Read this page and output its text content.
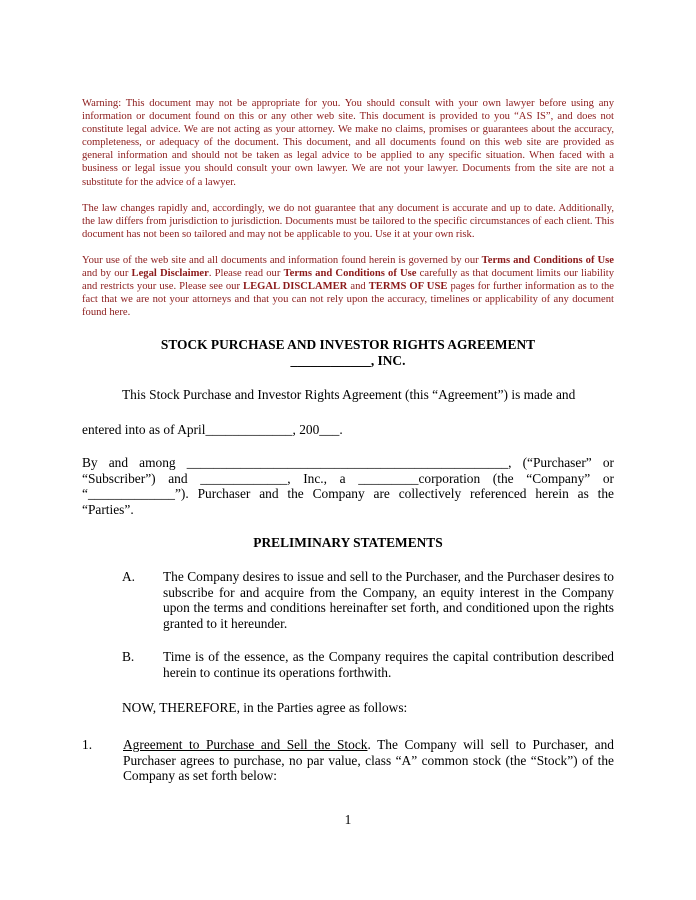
Warning: This document may not be appropriate for you. You should consult with your own lawyer before using any information or document found on this or any other web site. This document is provided to you “AS IS”, and does not constitute legal advice. We are not acting as your attorney. We make no claims, promises or guarantees about the accuracy, completeness, or adequacy of the document. This document, and all documents found on this web site are provided as general information and should not be taken as legal advice to be applied to any specific situation. When faced with a business or legal issue you should consult your own lawyer. We are not your lawyer. Documents from the site are not a substitute for the advice of a lawyer.

The law changes rapidly and, accordingly, we do not guarantee that any document is accurate and up to date. Additionally, the law differs from jurisdiction to jurisdiction. Documents must be tailored to the specific circumstances of each client. This document has not been so tailored and may not be applicable to you. Use it at your own risk.

Your use of the web site and all documents and information found herein is governed by our Terms and Conditions of Use and by our Legal Disclaimer. Please read our Terms and Conditions of Use carefully as that document limits our liability and restricts your use. Please see our LEGAL DISCLAMER and TERMS OF USE pages for further information as to the fact that we are not your attorneys and that you can not rely upon the accuracy, timelines or applicability of any document found here.

STOCK PURCHASE AND INVESTOR RIGHTS AGREEMENT
____________, INC.
This Stock Purchase and Investor Rights Agreement (this “Agreement”) is made and
entered into as of April_____________, 200___.
By and among ________________________________________________, (“Purchaser” or “Subscriber”) and _____________, Inc., a _________corporation (the “Company” or “_____________”). Purchaser and the Company are collectively referenced herein as the “Parties”.
PRELIMINARY STATEMENTS
A.	The Company desires to issue and sell to the Purchaser, and the Purchaser desires to subscribe for and acquire from the Company, an equity interest in the Company upon the terms and conditions hereinafter set forth, and conditioned upon the rights granted to it hereunder.
B.	Time is of the essence, as the Company requires the capital contribution described herein to continue its operations forthwith.
NOW, THEREFORE, in the Parties agree as follows:
1.	Agreement to Purchase and Sell the Stock. The Company will sell to Purchaser, and Purchaser agrees to purchase, no par value, class “A” common stock (the “Stock”) of the Company as set forth below:
1
